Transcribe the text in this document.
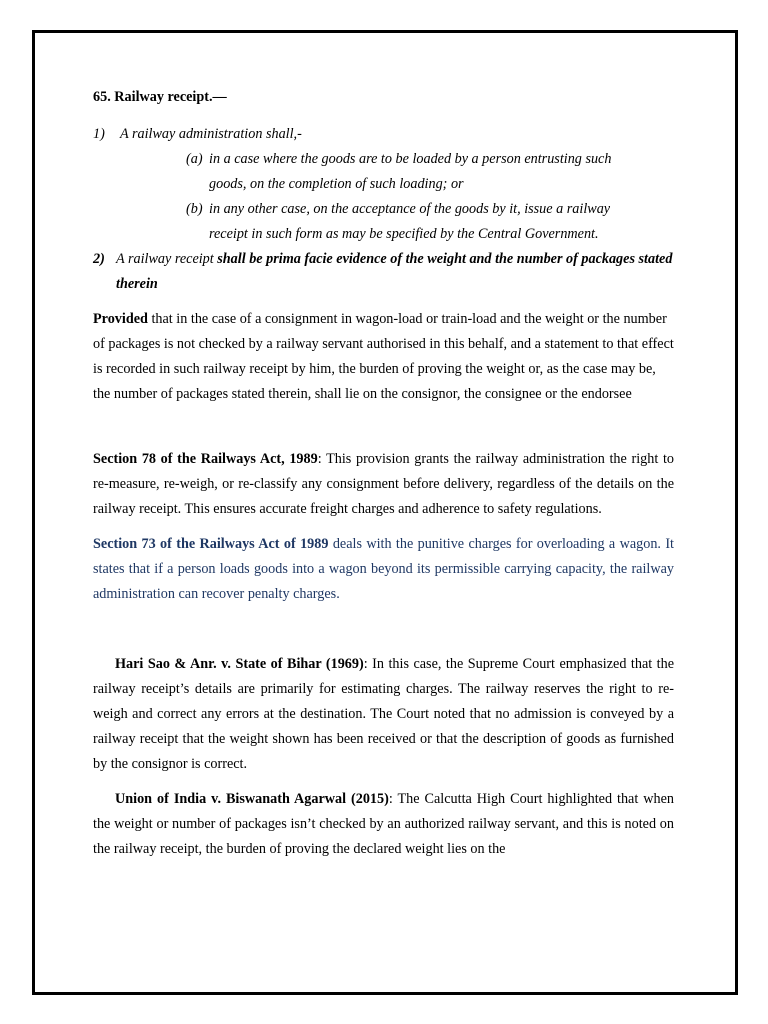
65. Railway receipt.—

1) A railway administration shall,-

(a) in a case where the goods are to be loaded by a person entrusting such
goods, on the completion of such loading; or

(b) in any other case, on the acceptance of the goods by it, issue a railway
receipt in such form as may be specified by the Central Government.

2) A railway receipt shall be prima facie evidence of the weight and the number of packages stated therein

Provided that in the case of a consignment in wagon-load or train-load and the weight or the number of packages is not checked by a railway servant authorised in this behalf, and a statement to that effect is recorded in such railway receipt by him, the burden of proving the weight or, as the case may be, the number of packages stated therein, shall lie on the consignor, the consignee or the endorsee

Section 78 of the Railways Act, 1989: This provision grants the railway administration the right to re-measure, re-weigh, or re-classify any consignment before delivery, regardless of the details on the railway receipt. This ensures accurate freight charges and adherence to safety regulations.

Section 73 of the Railways Act of 1989 deals with the punitive charges for overloading a wagon. It states that if a person loads goods into a wagon beyond its permissible carrying capacity, the railway administration can recover penalty charges.

Hari Sao & Anr. v. State of Bihar (1969): In this case, the Supreme Court emphasized that the railway receipt’s details are primarily for estimating charges. The railway reserves the right to re-weigh and correct any errors at the destination. The Court noted that no admission is conveyed by a railway receipt that the weight shown has been received or that the description of goods as furnished by the consignor is correct.

Union of India v. Biswanath Agarwal (2015): The Calcutta High Court highlighted that when the weight or number of packages isn’t checked by an authorized railway servant, and this is noted on the railway receipt, the burden of proving the declared weight lies on the
